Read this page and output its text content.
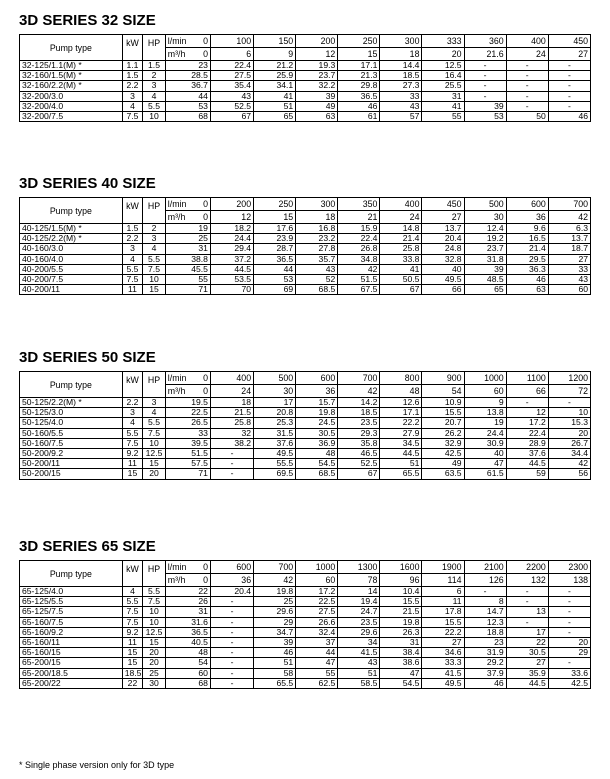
3D SERIES 32 SIZE
Pump type	kW	HP	l/min	0	100	150	200	250	300	333	360	400	450
			m³/h	0	6	9	12	15	18	20	21.6	24	27
32-125/1.1(M) *	1.1	1.5	23		22.4	21.2	19.3	17.1	14.4	12.5	-	-	-
32-160/1.5(M) *	1.5	2	28.5		27.5	25.9	23.7	21.3	18.5	16.4	-	-	-
32-160/2.2(M) *	2.2	3	36.7		35.4	34.1	32.2	29.8	27.3	25.5	-	-	-
32-200/3.0	3	4	44		43	41	39	36.5	33	31	-	-	-
32-200/4.0	4	5.5	53		52.5	51	49	46	43	41	39	-	-
32-200/7.5	7.5	10	68		67	65	63	61	57	55	53	50	46
3D SERIES 40 SIZE
Pump type	kW	HP	l/min	0	200	250	300	350	400	450	500	600	700
			m³/h	0	12	15	18	21	24	27	30	36	42
40-125/1.5(M) *	1.5	2	19		18.2	17.6	16.8	15.9	14.8	13.7	12.4	9.6	6.3
40-125/2.2(M) *	2.2	3	25		24.4	23.9	23.2	22.4	21.4	20.4	19.2	16.5	13.7
40-160/3.0	3	4	31		29.4	28.7	27.8	26.8	25.8	24.8	23.7	21.4	18.7
40-160/4.0	4	5.5	38.8		37.2	36.5	35.7	34.8	33.8	32.8	31.8	29.5	27
40-200/5.5	5.5	7.5	45.5		44.5	44	43	42	41	40	39	36.3	33
40-200/7.5	7.5	10	55		53.5	53	52	51.5	50.5	49.5	48.5	46	43
40-200/11	11	15	71		70	69	68.5	67.5	67	66	65	63	60
3D SERIES 50 SIZE
Pump type	kW	HP	l/min	0	400	500	600	700	800	900	1000	1100	1200
			m³/h	0	24	30	36	42	48	54	60	66	72
50-125/2.2(M) *	2.2	3	19.5		18	17	15.7	14.2	12.6	10.9	9	-	-
50-125/3.0	3	4	22.5		21.5	20.8	19.8	18.5	17.1	15.5	13.8	12	10
50-125/4.0	4	5.5	26.5		25.8	25.3	24.5	23.5	22.2	20.7	19	17.2	15.3
50-160/5.5	5.5	7.5	33		32	31.5	30.5	29.3	27.9	26.2	24.4	22.4	20
50-160/7.5	7.5	10	39.5		38.2	37.6	36.9	35.8	34.5	32.9	30.9	28.9	26.7
50-200/9.2	9.2	12.5	51.5		-	49.5	48	46.5	44.5	42.5	40	37.6	34.4
50-200/11	11	15	57.5		-	55.5	54.5	52.5	51	49	47	44.5	42
50-200/15	15	20	71		-	69.5	68.5	67	65.5	63.5	61.5	59	56
3D SERIES 65 SIZE
Pump type	kW	HP	l/min	0	600	700	1000	1300	1600	1900	2100	2200	2300
			m³/h	0	36	42	60	78	96	114	126	132	138
65-125/4.0	4	5.5	22		20.4	19.8	17.2	14	10.4	6	-	-	-
65-125/5.5	5.5	7.5	26		-	25	22.5	19.4	15.5	11	8	-	-
65-125/7.5	7.5	10	31		-	29.6	27.5	24.7	21.5	17.8	14.7	13	-
65-160/7.5	7.5	10	31.6		-	29	26.6	23.5	19.8	15.5	12.3	-	-
65-160/9.2	9.2	12.5	36.5		-	34.7	32.4	29.6	26.3	22.2	18.8	17	-
65-160/11	11	15	40.5		-	39	37	34	31	27	23	22	20
65-160/15	15	20	48		-	46	44	41.5	38.4	34.6	31.9	30.5	29
65-200/15	15	20	54		-	51	47	43	38.6	33.3	29.2	27	-
65-200/18.5	18.5	25	60		-	58	55	51	47	41.5	37.9	35.9	33.6
65-200/22	22	30	68		-	65.5	62.5	58.5	54.5	49.5	46	44.5	42.5
* Single phase version only for 3D type
